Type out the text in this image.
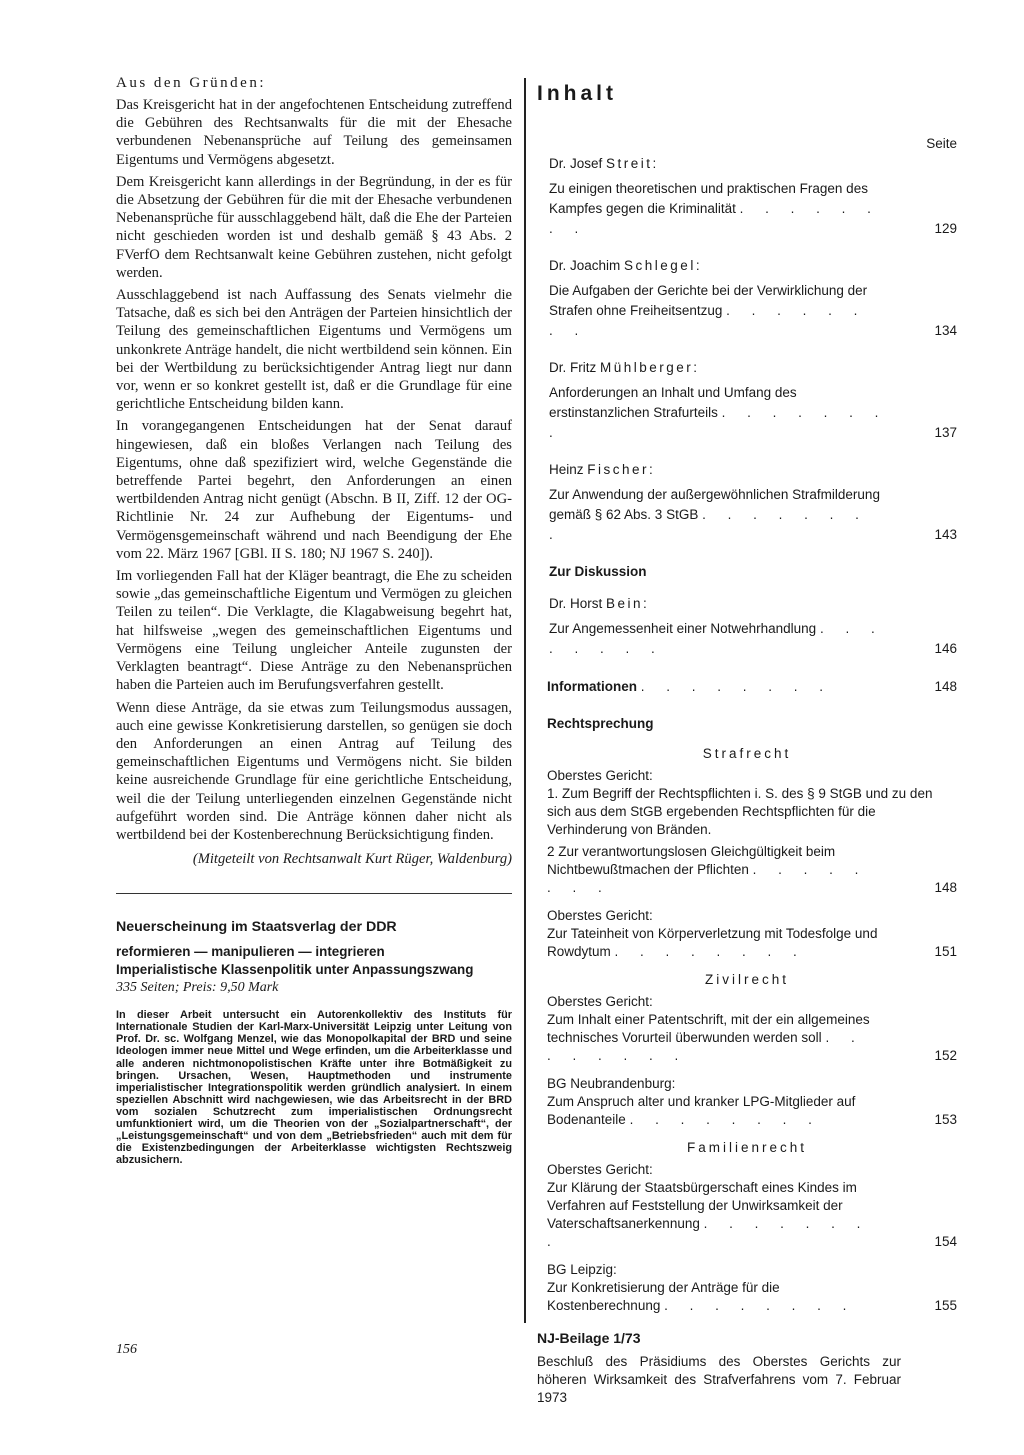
Aus den Gründen:

Das Kreisgericht hat in der angefochtenen Entscheidung zutreffend die Gebühren des Rechtsanwalts für die mit der Ehesache verbundenen Nebenansprüche auf Teilung des gemeinsamen Eigentums und Vermögens abgesetzt.

Dem Kreisgericht kann allerdings in der Begründung, in der es für die Absetzung der Gebühren für die mit der Ehesache verbundenen Nebenansprüche für ausschlaggebend hält, daß die Ehe der Parteien nicht geschieden worden ist und deshalb gemäß § 43 Abs. 2 FVerfO dem Rechtsanwalt keine Gebühren zustehen, nicht gefolgt werden.

Ausschlaggebend ist nach Auffassung des Senats vielmehr die Tatsache, daß es sich bei den Anträgen der Parteien hinsichtlich der Teilung des gemeinschaftlichen Eigentums und Vermögens um unkonkrete Anträge handelt, die nicht wertbildend sein können. Ein bei der Wertbildung zu berücksichtigender Antrag liegt nur dann vor, wenn er so konkret gestellt ist, daß er die Grundlage für eine gerichtliche Entscheidung bilden kann.

In vorangegangenen Entscheidungen hat der Senat darauf hingewiesen, daß ein bloßes Verlangen nach Teilung des Eigentums, ohne daß spezifiziert wird, welche Gegenstände die betreffende Partei begehrt, den Anforderungen an einen wertbildenden Antrag nicht genügt (Abschn. B II, Ziff. 12 der OG-Richtlinie Nr. 24 zur Aufhebung der Eigentums- und Vermögensgemeinschaft während und nach Beendigung der Ehe vom 22. März 1967 [GBl. II S. 180; NJ 1967 S. 240]).

Im vorliegenden Fall hat der Kläger beantragt, die Ehe zu scheiden sowie „das gemeinschaftliche Eigentum und Vermögen zu gleichen Teilen zu teilen“. Die Verklagte, die Klagabweisung begehrt hat, hat hilfsweise „wegen des gemeinschaftlichen Eigentums und Vermögens eine Teilung ungleicher Anteile zugunsten der Verklagten beantragt“. Diese Anträge zu den Nebenansprüchen haben die Parteien auch im Berufungsverfahren gestellt.

Wenn diese Anträge, da sie etwas zum Teilungsmodus aussagen, auch eine gewisse Konkretisierung darstellen, so genügen sie doch den Anforderungen an einen Antrag auf Teilung des gemeinschaftlichen Eigentums und Vermögens nicht. Sie bilden keine ausreichende Grundlage für eine gerichtliche Entscheidung, weil die der Teilung unterliegenden einzelnen Gegenstände nicht aufgeführt worden sind. Die Anträge können daher nicht als wertbildend bei der Kostenberechnung Berücksichtigung finden.

(Mitgeteilt von Rechtsanwalt Kurt Rüger, Waldenburg)

Neuerscheinung im Staatsverlag der DDR

reformieren — manipulieren — integrieren

Imperialistische Klassenpolitik unter Anpassungszwang

335 Seiten; Preis: 9,50 Mark

In dieser Arbeit untersucht ein Autorenkollektiv des Instituts für Internationale Studien der Karl-Marx-Universität Leipzig unter Leitung von Prof. Dr. sc. Wolfgang Menzel, wie das Monopolkapital der BRD und seine Ideologen immer neue Mittel und Wege erfinden, um die Arbeiterklasse und alle anderen nichtmonopolistischen Kräfte unter ihre Botmäßigkeit zu bringen. Ursachen, Wesen, Hauptmethoden und instrumente imperialistischer Integrationspolitik werden gründlich analysiert. In einem speziellen Abschnitt wird nachgewiesen, wie das Arbeitsrecht in der BRD vom sozialen Schutzrecht zum imperialistischen Ordnungsrecht umfunktioniert wird, um die Theorien von der „Sozialpartnerschaft“, der „Leistungsgemeinschaft“ und von dem „Betriebsfrieden“ auch mit dem für die Existenzbedingungen der Arbeiterklasse wichtigsten Rechtszweig abzusichern.

156

Inhalt

Seite

Dr. Josef Streit:

Zu einigen theoretischen und praktischen Fragen des Kampfes gegen die Kriminalität . . . . . . . .	129

Dr. Joachim Schlegel:

Die Aufgaben der Gerichte bei der Verwirklichung der Strafen ohne Freiheitsentzug . . . . . . . .	134

Dr. Fritz Mühlberger:

Anforderungen an Inhalt und Umfang des erstinstanzlichen Strafurteils . . . . . . . .	137

Heinz Fischer:

Zur Anwendung der außergewöhnlichen Strafmilderung gemäß § 62 Abs. 3 StGB . . . . . . . .	143

Zur Diskussion

Dr. Horst Bein:

Zur Angemessenheit einer Notwehrhandlung . . . . . . . .	146
Informationen . . . . . . . .	148

Rechtsprechung

Strafrecht

Oberstes Gericht:

1. Zum Begriff der Rechtspflichten i. S. des § 9 StGB und zu den sich aus dem StGB ergebenden Rechtspflichten für die Verhinderung von Bränden.

2 Zur verantwortungslosen Gleichgültigkeit beim Nichtbewußtmachen der Pflichten . . . . . . . .	148

Oberstes Gericht:

Zur Tateinheit von Körperverletzung mit Todesfolge und Rowdytum . . . . . . . .	151

Zivilrecht

Oberstes Gericht:

Zum Inhalt einer Patentschrift, mit der ein allgemeines technisches Vorurteil überwunden werden soll . . . . . . . .	152

BG Neubrandenburg:

Zum Anspruch alter und kranker LPG-Mitglieder auf Bodenanteile . . . . . . . .	153

Familienrecht

Oberstes Gericht:

Zur Klärung der Staatsbürgerschaft eines Kindes im Verfahren auf Feststellung der Unwirksamkeit der Vaterschaftsanerkennung . . . . . . . .	154

BG Leipzig:

Zur Konkretisierung der Anträge für die Kostenberechnung . . . . . . . .	155

NJ-Beilage 1/73

Beschluß des Präsidiums des Oberstes Gerichts zur höheren Wirksamkeit des Strafverfahrens vom 7. Februar 1973
